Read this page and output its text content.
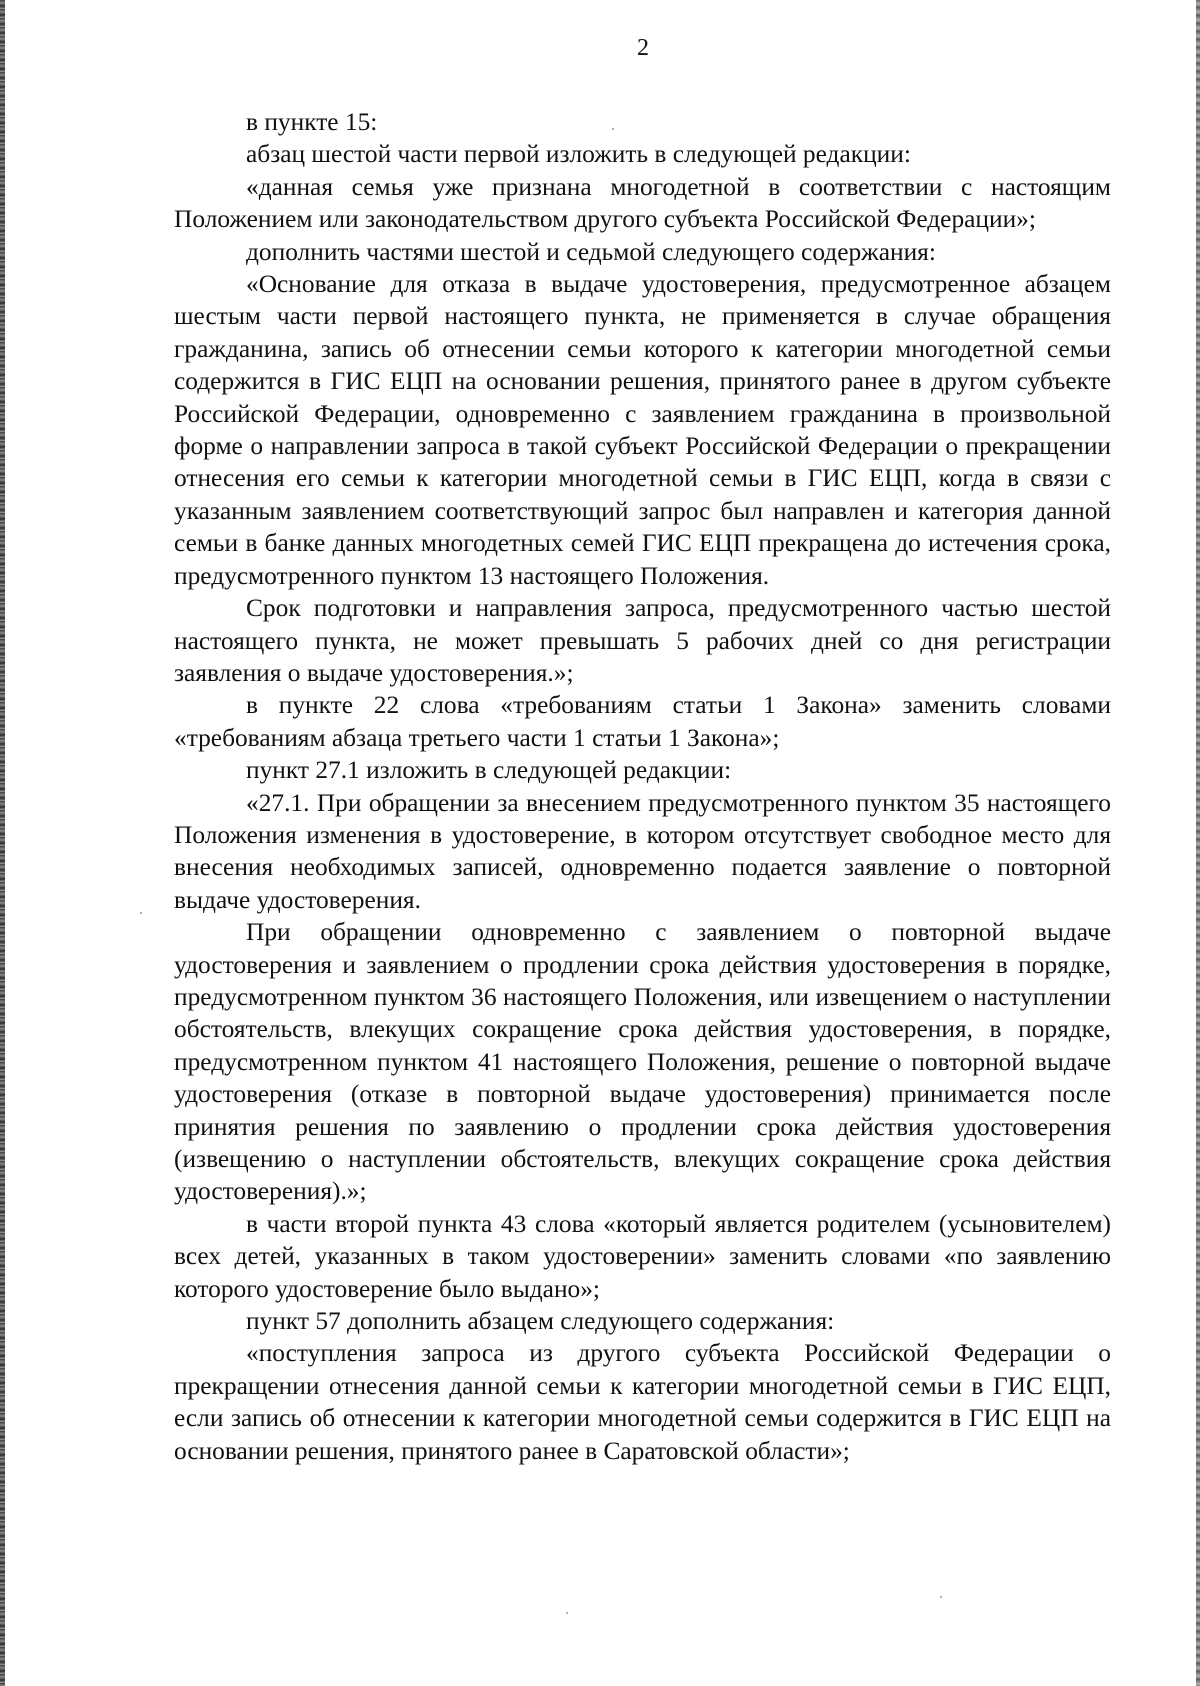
2

в пункте 15:

абзац шестой части первой изложить в следующей редакции:

«данная семья уже признана многодетной в соответствии с настоящим Положением или законодательством другого субъекта Российской Федерации»;

дополнить частями шестой и седьмой следующего содержания:

«Основание для отказа в выдаче удостоверения, предусмотренное абзацем шестым части первой настоящего пункта, не применяется в случае обращения гражданина, запись об отнесении семьи которого к категории многодетной семьи содержится в ГИС ЕЦП на основании решения, принятого ранее в другом субъекте Российской Федерации, одновременно с заявлением гражданина в произвольной форме о направлении запроса в такой субъект Российской Федерации о прекращении отнесения его семьи к категории многодетной семьи в ГИС ЕЦП, когда в связи с указанным заявлением соответствующий запрос был направлен и категория данной семьи в банке данных многодетных семей ГИС ЕЦП прекращена до истечения срока, предусмотренного пунктом 13 настоящего Положения.

Срок подготовки и направления запроса, предусмотренного частью шестой настоящего пункта, не может превышать 5 рабочих дней со дня регистрации заявления о выдаче удостоверения.»;

в пункте 22 слова «требованиям статьи 1 Закона» заменить словами «требованиям абзаца третьего части 1 статьи 1 Закона»;

пункт 27.1 изложить в следующей редакции:

«27.1. При обращении за внесением предусмотренного пунктом 35 настоящего Положения изменения в удостоверение, в котором отсутствует свободное место для внесения необходимых записей, одновременно подается заявление о повторной выдаче удостоверения.

При обращении одновременно с заявлением о повторной выдаче удостоверения и заявлением о продлении срока действия удостоверения в порядке, предусмотренном пунктом 36 настоящего Положения, или извещением о наступлении обстоятельств, влекущих сокращение срока действия удостоверения, в порядке, предусмотренном пунктом 41 настоящего Положения, решение о повторной выдаче удостоверения (отказе в повторной выдаче удостоверения) принимается после принятия решения по заявлению о продлении срока действия удостоверения (извещению о наступлении обстоятельств, влекущих сокращение срока действия удостоверения).»;

в части второй пункта 43 слова «который является родителем (усыновителем) всех детей, указанных в таком удостоверении» заменить словами «по заявлению которого удостоверение было выдано»;

пункт 57 дополнить абзацем следующего содержания:

«поступления запроса из другого субъекта Российской Федерации о прекращении отнесения данной семьи к категории многодетной семьи в ГИС ЕЦП, если запись об отнесении к категории многодетной семьи содержится в ГИС ЕЦП на основании решения, принятого ранее в Саратовской области»;
